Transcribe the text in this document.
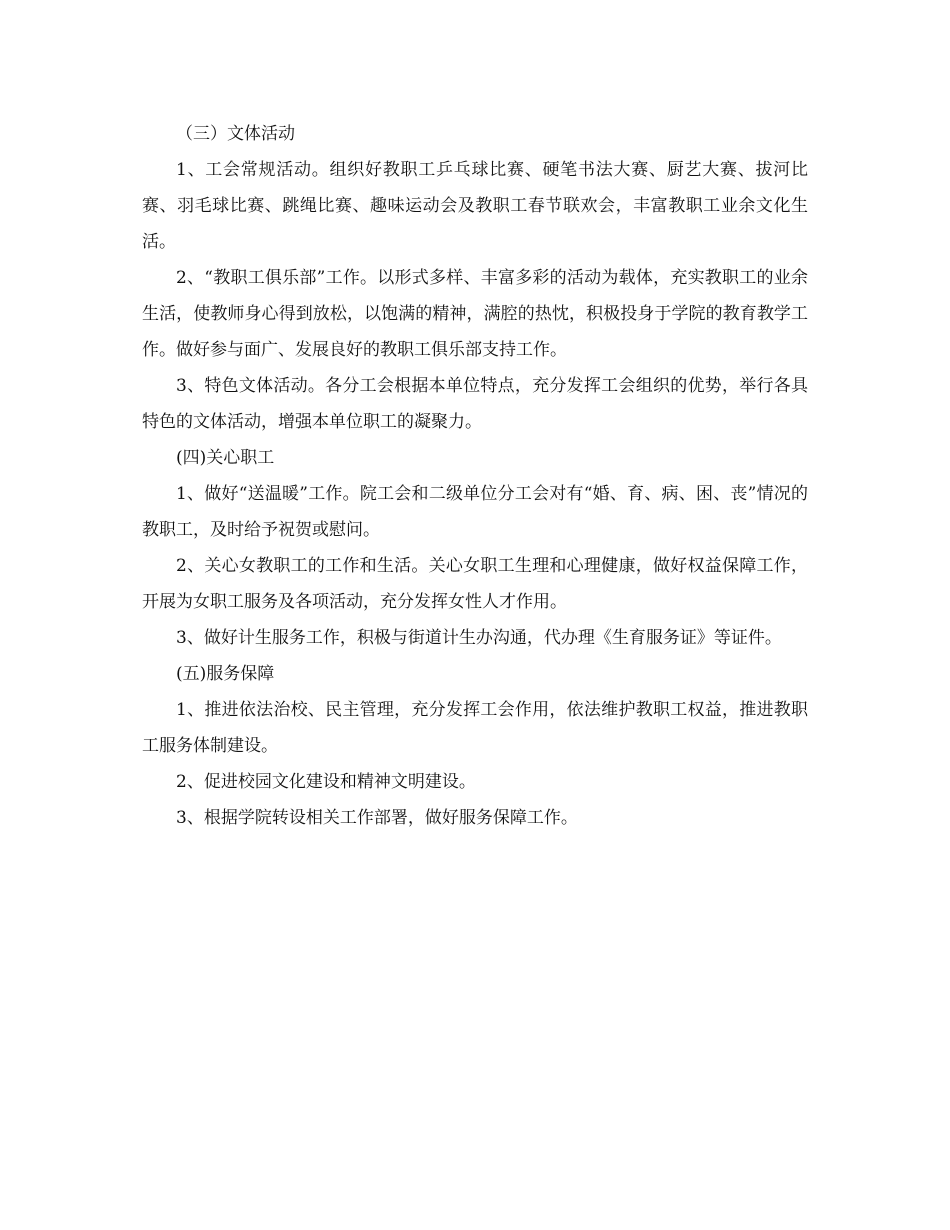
（三）文体活动

1、工会常规活动。组织好教职工乒乓球比赛、硬笔书法大赛、厨艺大赛、拔河比赛、羽毛球比赛、跳绳比赛、趣味运动会及教职工春节联欢会，丰富教职工业余文化生活。

2、“教职工俱乐部”工作。以形式多样、丰富多彩的活动为载体，充实教职工的业余生活，使教师身心得到放松，以饱满的精神，满腔的热忱，积极投身于学院的教育教学工作。做好参与面广、发展良好的教职工俱乐部支持工作。

3、特色文体活动。各分工会根据本单位特点，充分发挥工会组织的优势，举行各具特色的文体活动，增强本单位职工的凝聚力。

(四)关心职工

1、做好“送温暖”工作。院工会和二级单位分工会对有“婚、育、病、困、丧”情况的教职工，及时给予祝贺或慰问。

2、关心女教职工的工作和生活。关心女职工生理和心理健康，做好权益保障工作，开展为女职工服务及各项活动，充分发挥女性人才作用。

3、做好计生服务工作，积极与街道计生办沟通，代办理《生育服务证》等证件。

(五)服务保障

1、推进依法治校、民主管理，充分发挥工会作用，依法维护教职工权益，推进教职工服务体制建设。

2、促进校园文化建设和精神文明建设。

3、根据学院转设相关工作部署，做好服务保障工作。
